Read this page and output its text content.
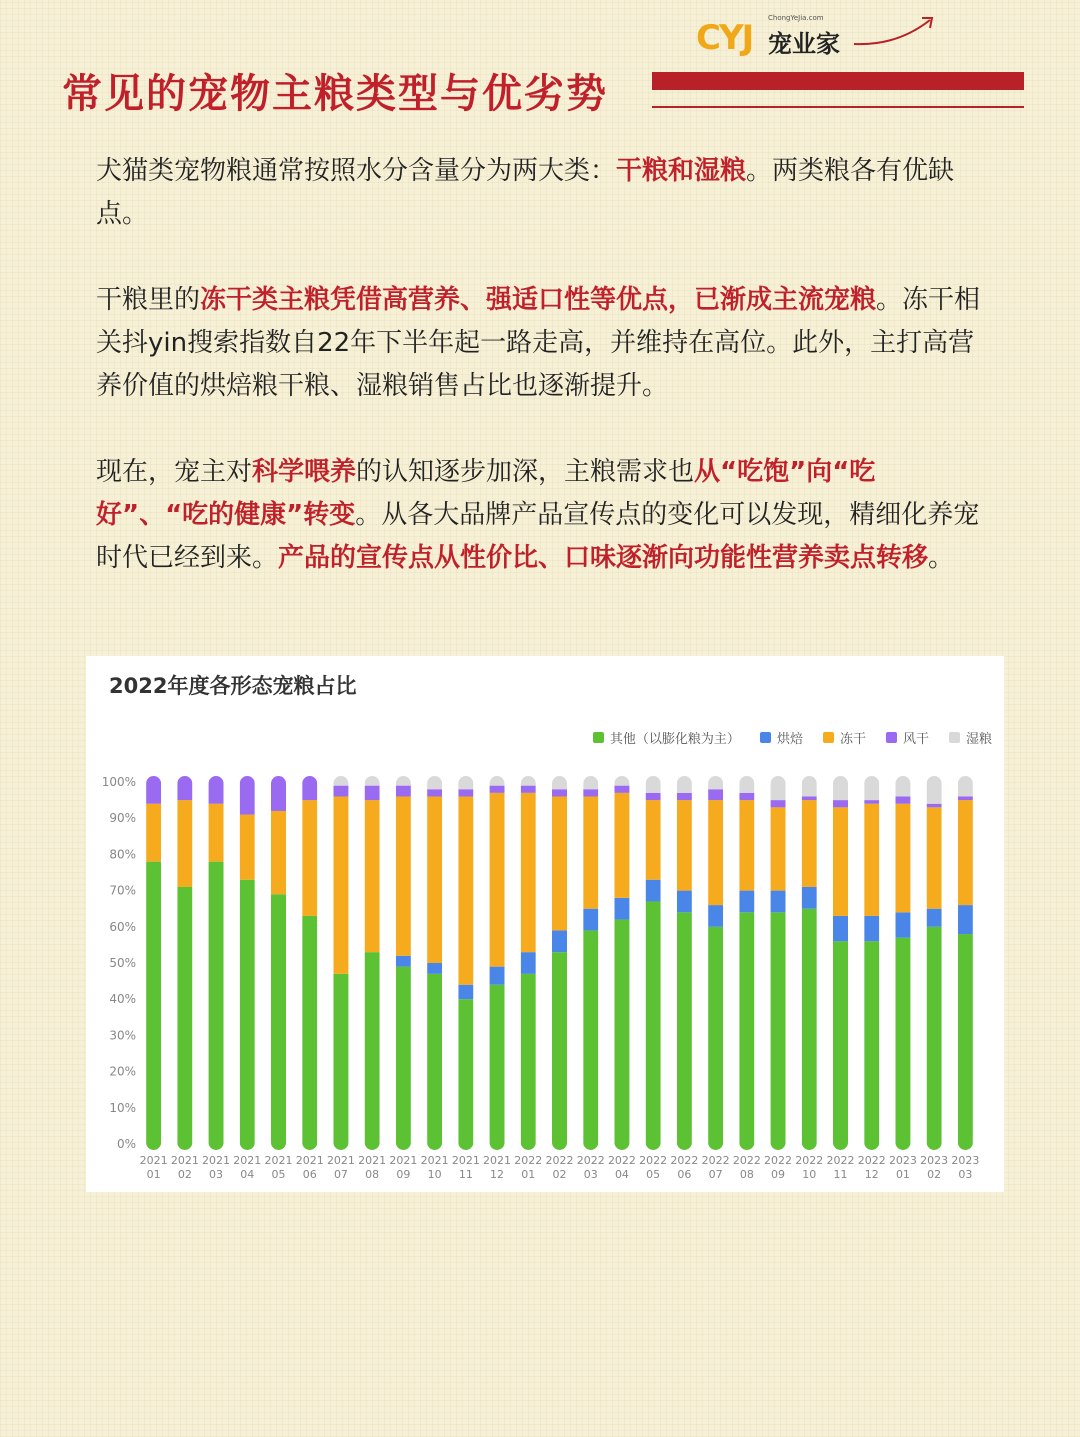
CYJ ChongYeJia.com
宠业家
常见的宠物主粮类型与优劣势

犬猫类宠物粮通常按照水分含量分为两大类：干粮和湿粮。两类粮各有优缺点。

干粮里的冻干类主粮凭借高营养、强适口性等优点，已渐成主流宠粮。冻干相关抖yin搜索指数自22年下半年起一路走高，并维持在高位。此外，主打高营养价值的烘焙粮干粮、湿粮销售占比也逐渐提升。

现在，宠主对科学喂养的认知逐步加深，主粮需求也从“吃饱”向“吃好”、“吃的健康”转变。从各大品牌产品宣传点的变化可以发现，精细化养宠时代已经到来。产品的宣传点从性价比、口味逐渐向功能性营养卖点转移。

2022年度各形态宠粮占比
其他（以膨化粮为主）	烘焙	冻干	风干	湿粮
0%
10%
20%
30%
40%
50%
60%
70%
80%
90%
100%
2021
01
2021
02
2021
03
2021
04
2021
05
2021
06
2021
07
2021
08
2021
09
2021
10
2021
11
2021
12
2022
01
2022
02
2022
03
2022
04
2022
05
2022
06
2022
07
2022
08
2022
09
2022
10
2022
11
2022
12
2023
01
2023
02
2023
03
